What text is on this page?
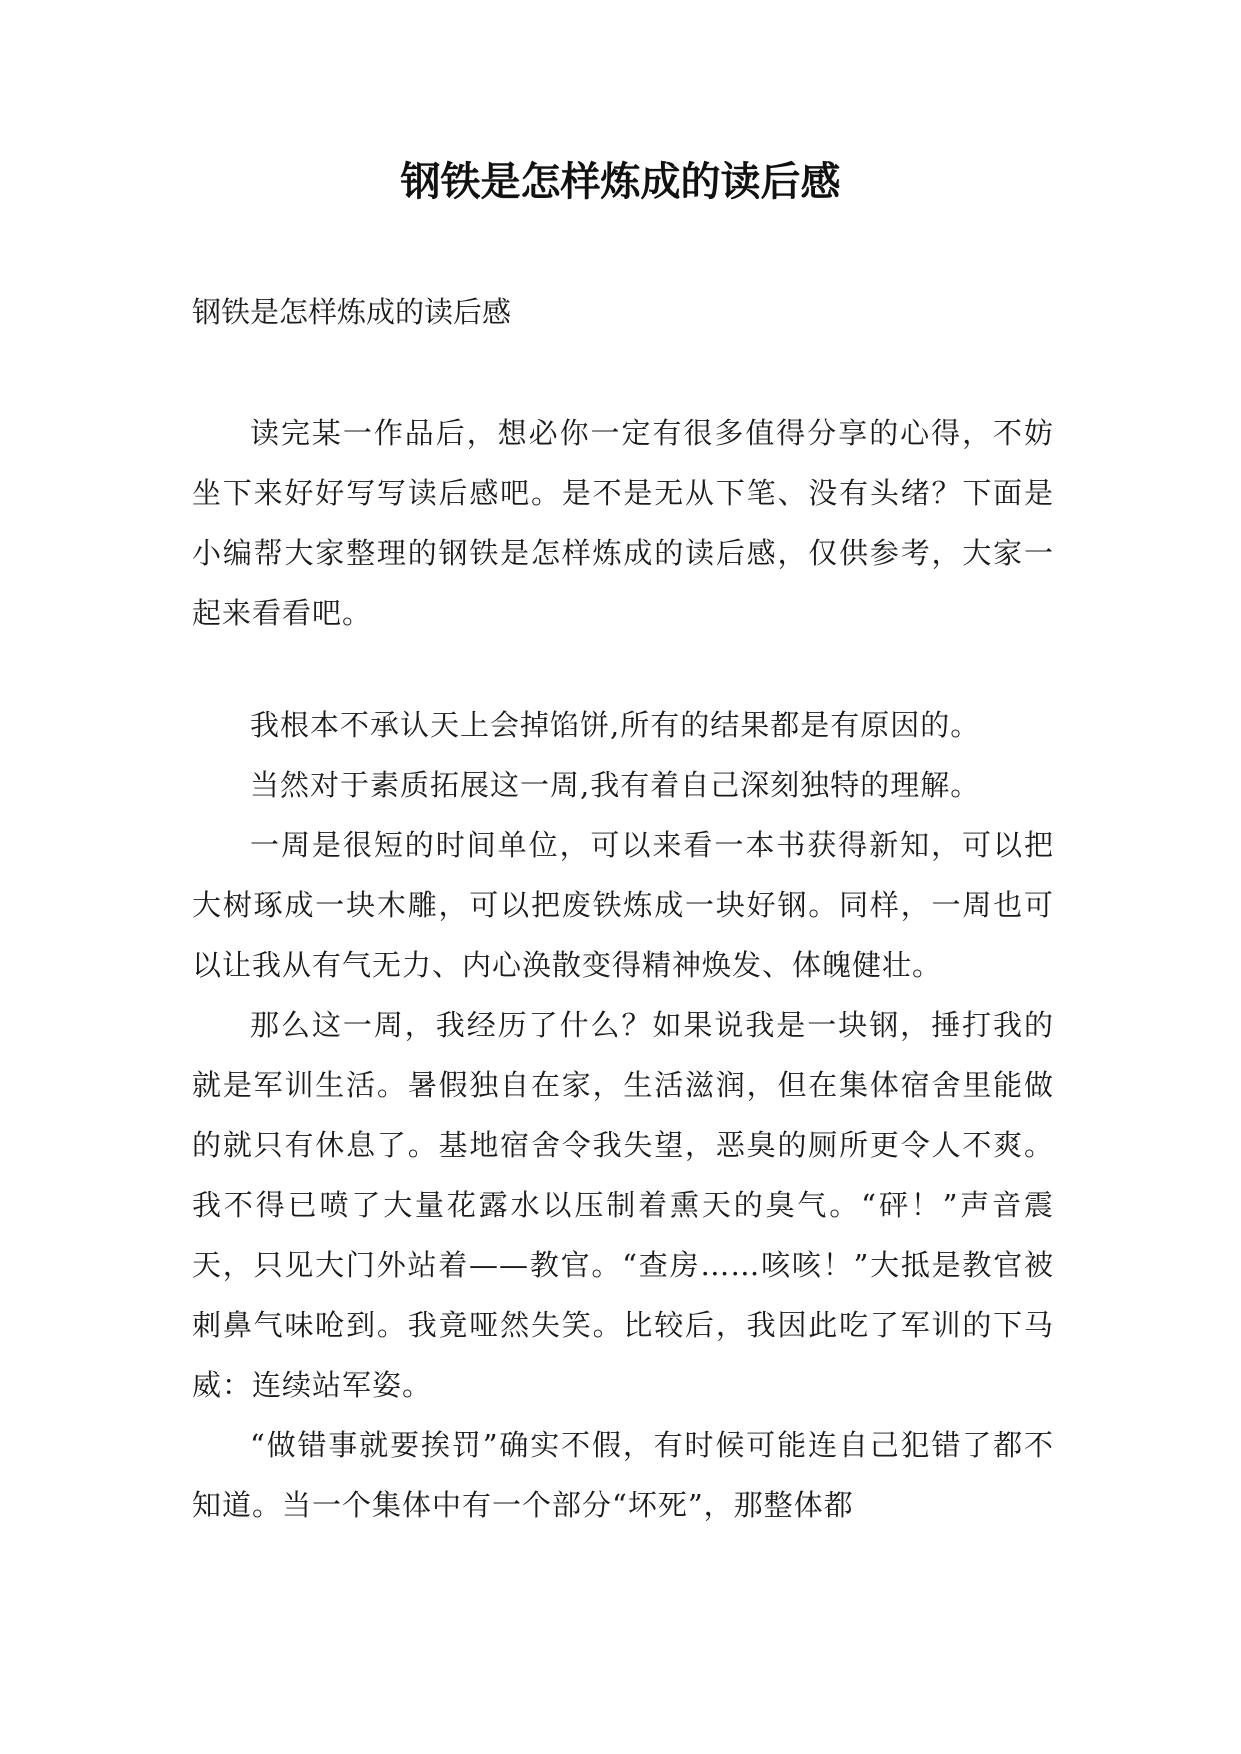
钢铁是怎样炼成的读后感

钢铁是怎样炼成的读后感

读完某一作品后，想必你一定有很多值得分享的心得，不妨坐下来好好写写读后感吧。是不是无从下笔、没有头绪？下面是小编帮大家整理的钢铁是怎样炼成的读后感，仅供参考，大家一起来看看吧。

我根本不承认天上会掉馅饼,所有的结果都是有原因的。

当然对于素质拓展这一周,我有着自己深刻独特的理解。

一周是很短的时间单位，可以来看一本书获得新知，可以把大树琢成一块木雕，可以把废铁炼成一块好钢。同样，一周也可以让我从有气无力、内心涣散变得精神焕发、体魄健壮。

那么这一周，我经历了什么？如果说我是一块钢，捶打我的就是军训生活。暑假独自在家，生活滋润，但在集体宿舍里能做的就只有休息了。基地宿舍令我失望，恶臭的厕所更令人不爽。我不得已喷了大量花露水以压制着熏天的臭气。“砰！”声音震天，只见大门外站着——教官。“查房……咳咳！”大抵是教官被刺鼻气味呛到。我竟哑然失笑。比较后，我因此吃了军训的下马威：连续站军姿。

“做错事就要挨罚”确实不假，有时候可能连自己犯错了都不知道。当一个集体中有一个部分“坏死”，那整体都
